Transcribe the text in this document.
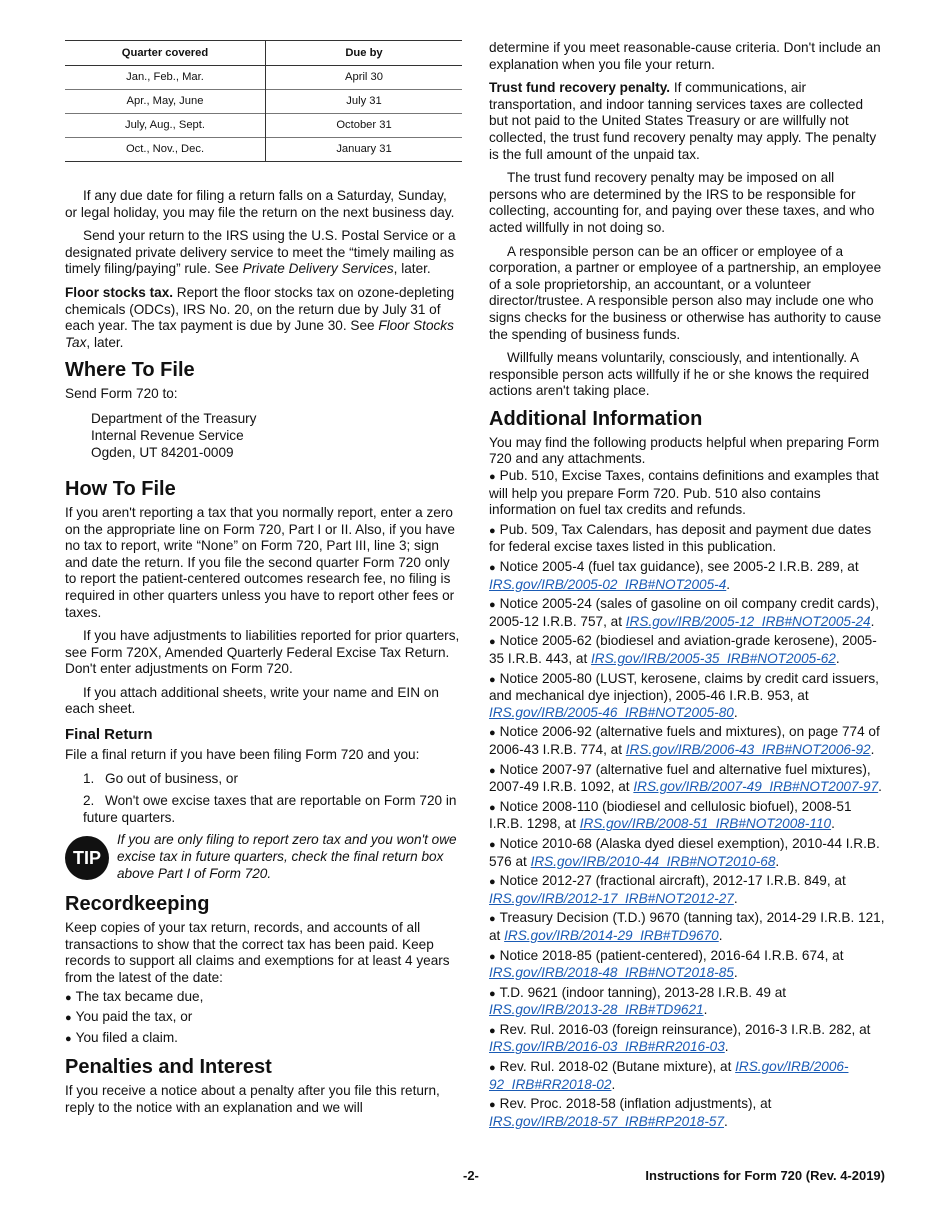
Quarter covered	Due by
Jan., Feb., Mar.	April 30
Apr., May, June	July 31
July, Aug., Sept.	October 31
Oct., Nov., Dec.	January 31

If any due date for filing a return falls on a Saturday, Sunday, or legal holiday, you may file the return on the next business day.

Send your return to the IRS using the U.S. Postal Service or a designated private delivery service to meet the “timely mailing as timely filing/paying” rule. See Private Delivery Services, later.

Floor stocks tax. Report the floor stocks tax on ozone-depleting chemicals (ODCs), IRS No. 20, on the return due by July 31 of each year. The tax payment is due by June 30. See Floor Stocks Tax, later.

Where To File

Send Form 720 to:

Department of the Treasury
Internal Revenue Service
Ogden, UT 84201-0009
How To File

If you aren't reporting a tax that you normally report, enter a zero on the appropriate line on Form 720, Part I or II. Also, if you have no tax to report, write “None” on Form 720, Part III, line 3; sign and date the return. If you file the second quarter Form 720 only to report the patient-centered outcomes research fee, no filing is required in other quarters unless you have to report other fees or taxes.

If you have adjustments to liabilities reported for prior quarters, see Form 720X, Amended Quarterly Federal Excise Tax Return. Don't enter adjustments on Form 720.

If you attach additional sheets, write your name and EIN on each sheet.

Final Return

File a final return if you have been filing Form 720 and you:

1. Go out of business, or
2. Won't owe excise taxes that are reportable on Form 720 in future quarters.
TIP
If you are only filing to report zero tax and you won't owe excise tax in future quarters, check the final return box above Part I of Form 720.
Recordkeeping

Keep copies of your tax return, records, and accounts of all transactions to show that the correct tax has been paid. Keep records to support all claims and exemptions for at least 4 years from the latest of the date:

● The tax became due,
● You paid the tax, or
● You filed a claim.
Penalties and Interest

If you receive a notice about a penalty after you file this return, reply to the notice with an explanation and we will

determine if you meet reasonable-cause criteria. Don't include an explanation when you file your return.

Trust fund recovery penalty. If communications, air transportation, and indoor tanning services taxes are collected but not paid to the United States Treasury or are willfully not collected, the trust fund recovery penalty may apply. The penalty is the full amount of the unpaid tax.

The trust fund recovery penalty may be imposed on all persons who are determined by the IRS to be responsible for collecting, accounting for, and paying over these taxes, and who acted willfully in not doing so.

A responsible person can be an officer or employee of a corporation, a partner or employee of a partnership, an employee of a sole proprietorship, an accountant, or a volunteer director/trustee. A responsible person also may include one who signs checks for the business or otherwise has authority to cause the spending of business funds.

Willfully means voluntarily, consciously, and intentionally. A responsible person acts willfully if he or she knows the required actions aren't taking place.

Additional Information

You may find the following products helpful when preparing Form 720 and any attachments.

● Pub. 510, Excise Taxes, contains definitions and examples that will help you prepare Form 720. Pub. 510 also contains information on fuel tax credits and refunds.
● Pub. 509, Tax Calendars, has deposit and payment due dates for federal excise taxes listed in this publication.
● Notice 2005-4 (fuel tax guidance), see 2005-2 I.R.B. 289, at IRS.gov/IRB/2005-02_IRB#NOT2005-4.
● Notice 2005-24 (sales of gasoline on oil company credit cards), 2005-12 I.R.B. 757, at IRS.gov/IRB/2005-12_IRB#NOT2005-24.
● Notice 2005-62 (biodiesel and aviation-grade kerosene), 2005-35 I.R.B. 443, at IRS.gov/IRB/2005-35_IRB#NOT2005-62.
● Notice 2005-80 (LUST, kerosene, claims by credit card issuers, and mechanical dye injection), 2005-46 I.R.B. 953, at IRS.gov/IRB/2005-46_IRB#NOT2005-80.
● Notice 2006-92 (alternative fuels and mixtures), on page 774 of 2006-43 I.R.B. 774, at IRS.gov/IRB/2006-43_IRB#NOT2006-92.
● Notice 2007-97 (alternative fuel and alternative fuel mixtures), 2007-49 I.R.B. 1092, at IRS.gov/IRB/2007-49_IRB#NOT2007-97.
● Notice 2008-110 (biodiesel and cellulosic biofuel), 2008-51 I.R.B. 1298, at IRS.gov/IRB/2008-51_IRB#NOT2008-110.
● Notice 2010-68 (Alaska dyed diesel exemption), 2010-44 I.R.B. 576 at IRS.gov/IRB/2010-44_IRB#NOT2010-68.
● Notice 2012-27 (fractional aircraft), 2012-17 I.R.B. 849, at IRS.gov/IRB/2012-17_IRB#NOT2012-27.
● Treasury Decision (T.D.) 9670 (tanning tax), 2014-29 I.R.B. 121, at IRS.gov/IRB/2014-29_IRB#TD9670.
● Notice 2018-85 (patient-centered), 2016-64 I.R.B. 674, at IRS.gov/IRB/2018-48_IRB#NOT2018-85.
● T.D. 9621 (indoor tanning), 2013-28 I.R.B. 49 at IRS.gov/IRB/2013-28_IRB#TD9621.
● Rev. Rul. 2016-03 (foreign reinsurance), 2016-3 I.R.B. 282, at IRS.gov/IRB/2016-03_IRB#RR2016-03.
● Rev. Rul. 2018-02 (Butane mixture), at IRS.gov/IRB/2006-92_IRB#RR2018-02.
● Rev. Proc. 2018-58 (inflation adjustments), at IRS.gov/IRB/2018-57_IRB#RP2018-57.
-2-	Instructions for Form 720 (Rev. 4-2019)
